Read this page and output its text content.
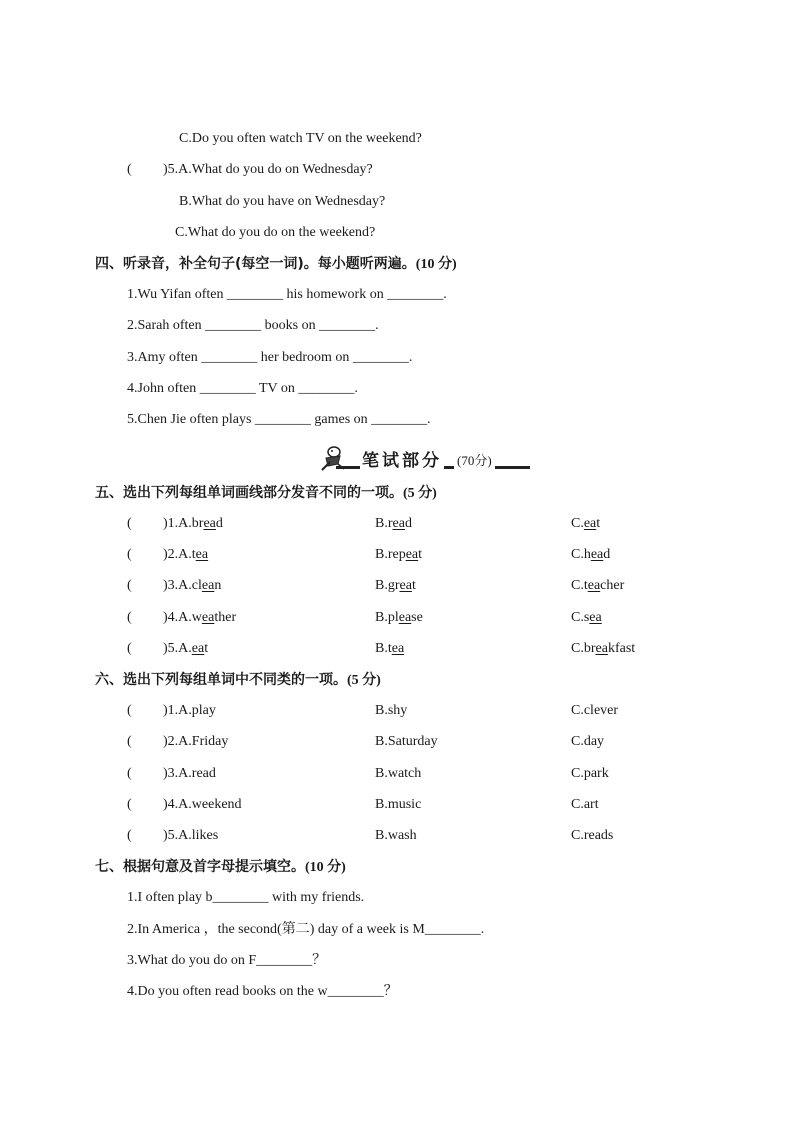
C.Do you often watch TV on the weekend?
( )5.A.What do you do on Wednesday?
B.What do you have on Wednesday?
C.What do you do on the weekend?
四、听录音，补全句子(每空一词)。每小题听两遍。(10 分)
1.Wu Yifan often ________ his homework on ________.
2.Sarah often ________ books on ________.
3.Amy often ________ her bedroom on ________.
4.John often ________ TV on ________.
5.Chen Jie often plays ________ games on ________.
笔试部分 (70分)
五、选出下列每组单词画线部分发音不同的一项。(5 分)
( )1.A.bread	B.read	C.eat
( )2.A.tea	B.repeat	C.head
( )3.A.clean	B.great	C.teacher
( )4.A.weather	B.please	C.sea
( )5.A.eat	B.tea	C.breakfast
六、选出下列每组单词中不同类的一项。(5 分)
( )1.A.play	B.shy	C.clever
( )2.A.Friday	B.Saturday	C.day
( )3.A.read	B.watch	C.park
( )4.A.weekend	B.music	C.art
( )5.A.likes	B.wash	C.reads
七、根据句意及首字母提示填空。(10 分)
1.I often play b________ with my friends.
2.In America ，the second(第二) day of a week is M________.
3.What do you do on F________？
4.Do you often read books on the w________？
